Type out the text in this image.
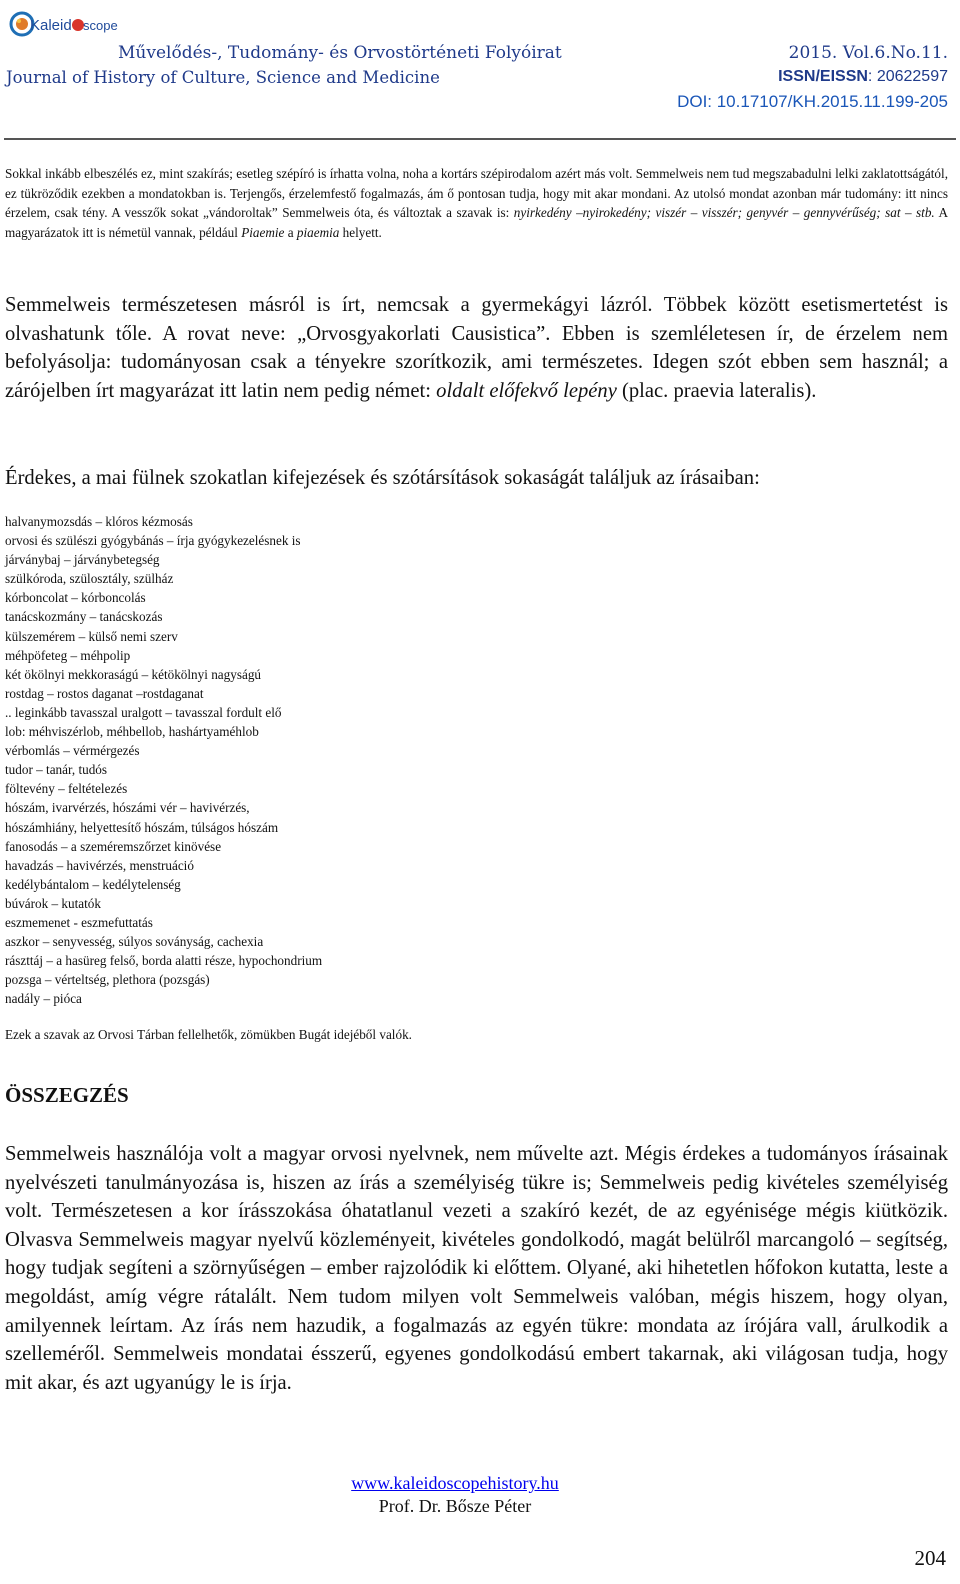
Kaleid scope
Művelődés-, Tudomány- és Orvostörténeti Folyóirat
Journal of History of Culture, Science and Medicine
2015. Vol.6.No.11.
ISSN/EISSN: 20622597
DOI: 10.17107/KH.2015.11.199-205

Sokkal inkább elbeszélés ez, mint szakírás; esetleg szépíró is írhatta volna, noha a kortárs szépirodalom azért más volt. Semmelweis nem tud megszabadulni lelki zaklatottságától, ez tükröződik ezekben a mondatokban is. Terjengős, érzelemfestő fogalmazás, ám ő pontosan tudja, hogy mit akar mondani. Az utolsó mondat azonban már tudomány: itt nincs érzelem, csak tény. A vesszők sokat „vándoroltak” Semmelweis óta, és változtak a szavak is: nyirkedény –nyirokedény; viszér – visszér; genyvér – gennyvérűség; sat – stb. A magyarázatok itt is németül vannak, például Piaemie a piaemia helyett.

Semmelweis természetesen másról is írt, nemcsak a gyermekágyi lázról. Többek között esetismertetést is olvashatunk tőle. A rovat neve: „Orvosgyakorlati Causistica”. Ebben is szemléletesen ír, de érzelem nem befolyásolja: tudományosan csak a tényekre szorítkozik, ami természetes. Idegen szót ebben sem használ; a zárójelben írt magyarázat itt latin nem pedig német: oldalt előfekvő lepény (plac. praevia lateralis).

Érdekes, a mai fülnek szokatlan kifejezések és szótársítások sokaságát találjuk az írásaiban:
halvanymozsdás – klóros kézmosás
orvosi és szülészi gyógybánás – írja gyógykezelésnek is
járványbaj – járványbetegség
szülkóroda, szülosztály, szülház
kórboncolat – kórboncolás
tanácskozmány – tanácskozás
külszemérem – külső nemi szerv
méhpöfeteg – méhpolip
két ökölnyi mekkoraságú – kétökölnyi nagyságú
rostdag – rostos daganat –rostdaganat
.. leginkább tavasszal uralgott – tavasszal fordult elő
lob: méhviszérlob, méhbellob, hashártyaméhlob
vérbomlás – vérmérgezés
tudor – tanár, tudós
föltevény – feltételezés
hószám, ivarvérzés, hószámi vér – havivérzés,
hószámhiány, helyettesítő hószám, túlságos hószám
fanosodás – a szeméremszőrzet kinövése
havadzás – havivérzés, menstruáció
kedélybántalom – kedélytelenség
búvárok – kutatók
eszmemenet - eszmefuttatás
aszkor – senyvesség, súlyos soványság, cachexia
rászttáj – a hasüreg felső, borda alatti része, hypochondrium
pozsga – vérteltség, plethora (pozsgás)
nadály – pióca
Ezek a szavak az Orvosi Tárban fellelhetők, zömükben Bugát idejéből valók.
ÖSSZEGZÉS
Semmelweis használója volt a magyar orvosi nyelvnek, nem művelte azt. Mégis érdekes a tudományos írásainak nyelvészeti tanulmányozása is, hiszen az írás a személyiség tükre is; Semmelweis pedig kivételes személyiség volt. Természetesen a kor írásszokása óhatatlanul vezeti a szakíró kezét, de az egyénisége mégis kiütközik. Olvasva Semmelweis magyar nyelvű közleményeit, kivételes gondolkodó, magát belülről marcangoló – segítség, hogy tudjak segíteni a szörnyűségen – ember rajzolódik ki előttem. Olyané, aki hihetetlen hőfokon kutatta, leste a megoldást, amíg végre rátalált. Nem tudom milyen volt Semmelweis valóban, mégis hiszem, hogy olyan, amilyennek leírtam. Az írás nem hazudik, a fogalmazás az egyén tükre: mondata az írójára vall, árulkodik a szelleméről. Semmelweis mondatai ésszerű, egyenes gondolkodású embert takarnak, aki világosan tudja, hogy mit akar, és azt ugyanúgy le is írja.
www.kaleidoscopehistory.hu
Prof. Dr. Bősze Péter
204
